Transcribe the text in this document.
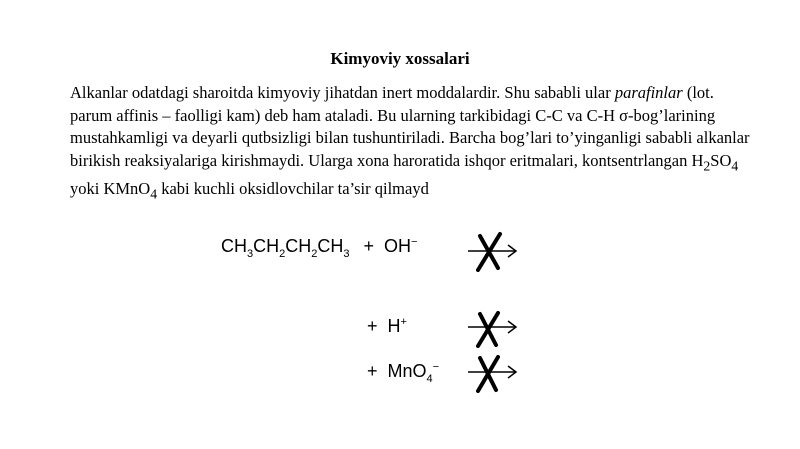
Kimyoviy xossalari
Alkanlar odatdagi sharoitda kimyoviy jihatdan inert moddalardir. Shu sababli ular parafinlar (lot. parum affinis – faolligi kam) deb ham ataladi. Bu ularning tarkibidagi C-C va C-H σ-bog’larining mustahkamligi va deyarli qutbsizligi bilan tushuntiriladi. Barcha bog’lari to’yinganligi sababli alkanlar birikish reaksiyalariga kirishmaydi. Ularga xona haroratida ishqor eritmalari, kontsentrlangan $H_2SO_4$ yoki KMnO$_4$ kabi kuchli oksidlovchilar ta’sir qilmayd
$CH_3CH_2CH_2CH_3 + OH^-$
+ H+
+ MnO$_4$−
